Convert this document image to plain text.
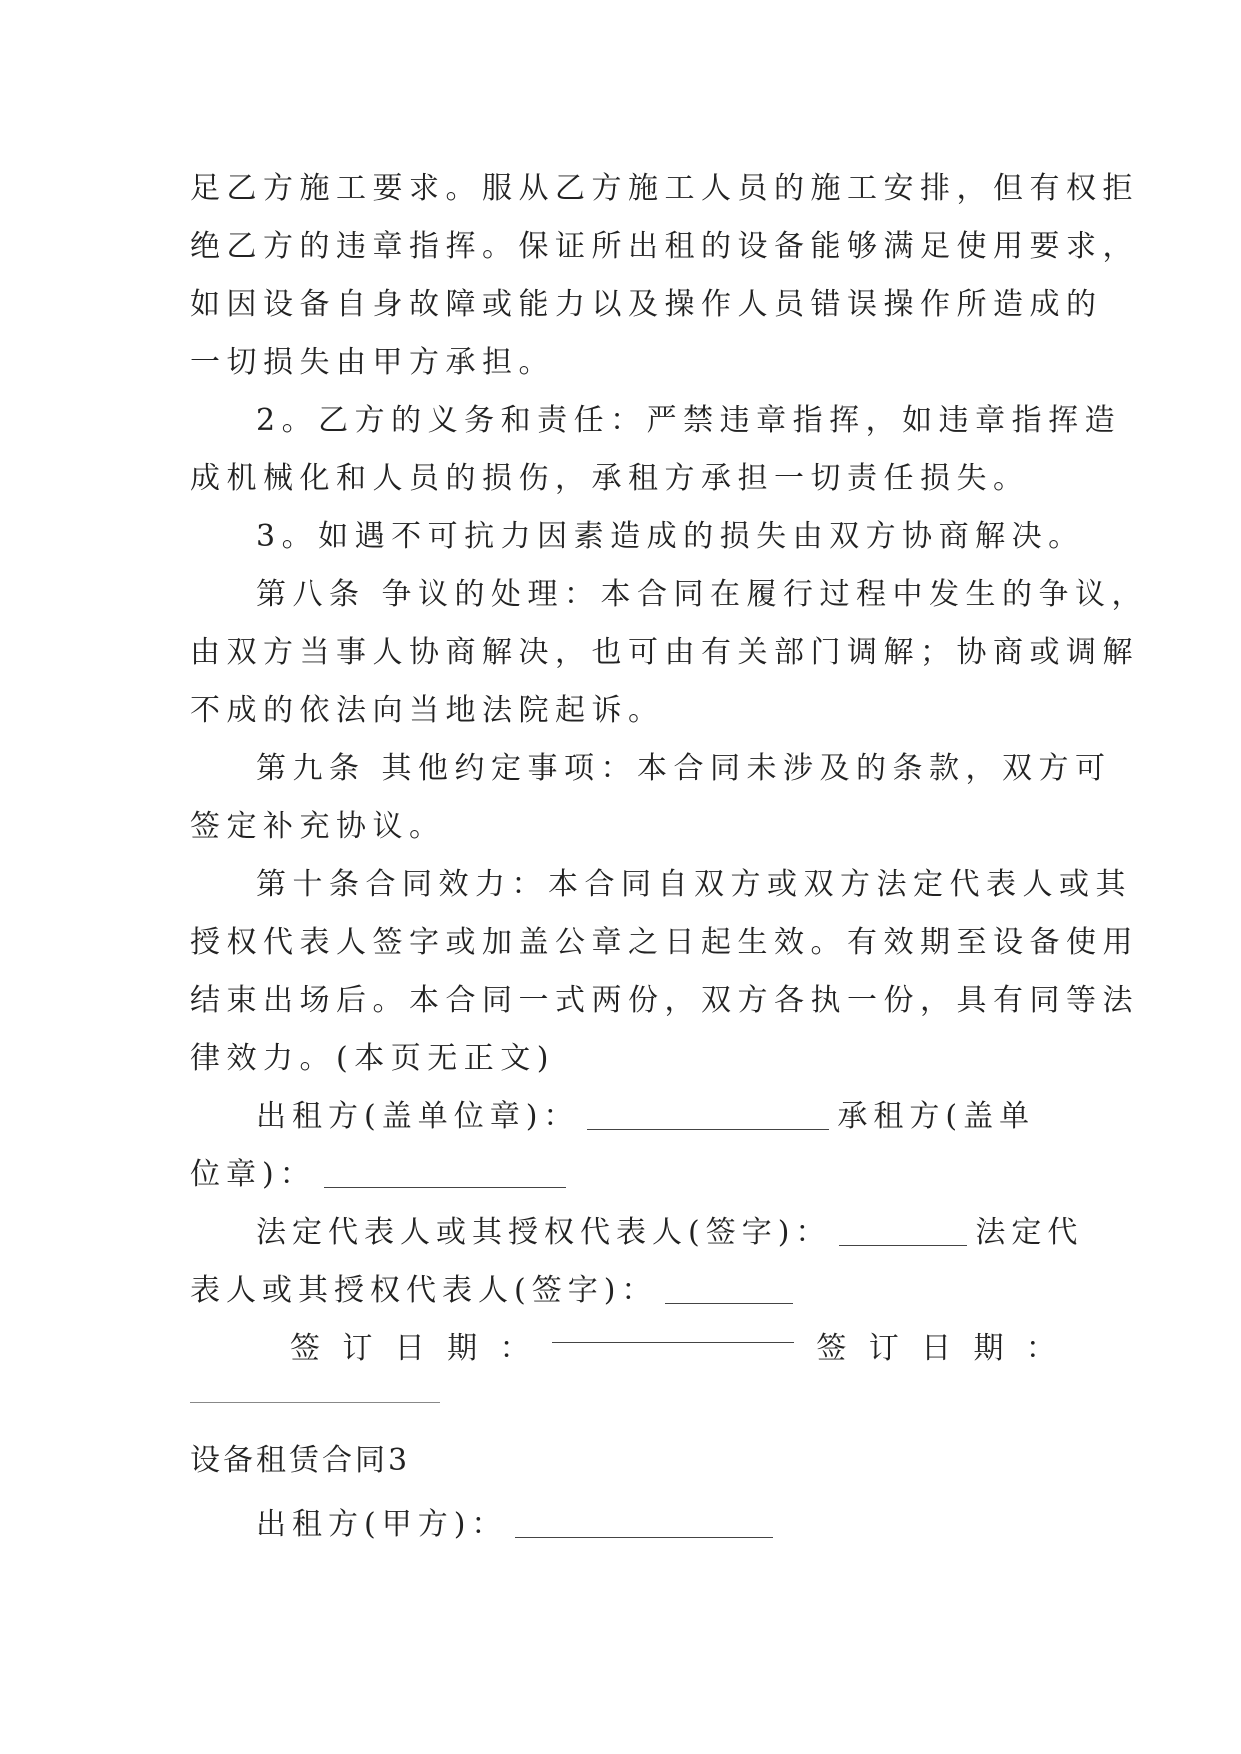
足乙方施工要求。服从乙方施工人员的施工安排，但有权拒
绝乙方的违章指挥。保证所出租的设备能够满足使用要求，
如因设备自身故障或能力以及操作人员错误操作所造成的
一切损失由甲方承担。
2。乙方的义务和责任：严禁违章指挥，如违章指挥造
成机械化和人员的损伤，承租方承担一切责任损失。
3。如遇不可抗力因素造成的损失由双方协商解决。
第八条 争议的处理：本合同在履行过程中发生的争议，
由双方当事人协商解决，也可由有关部门调解；协商或调解
不成的依法向当地法院起诉。
第九条 其他约定事项：本合同未涉及的条款，双方可
签定补充协议。
第十条合同效力：本合同自双方或双方法定代表人或其
授权代表人签字或加盖公章之日起生效。有效期至设备使用
结束出场后。本合同一式两份，双方各执一份，具有同等法
律效力。(本页无正文)
出租方(盖单位章)：	承租方(盖单
位章)：
法定代表人或其授权代表人(签字)：	法定代
表人或其授权代表人(签字)：
签 订 日 期 ：	签 订 日 期 ：
设备租赁合同3
出租方(甲方)：
